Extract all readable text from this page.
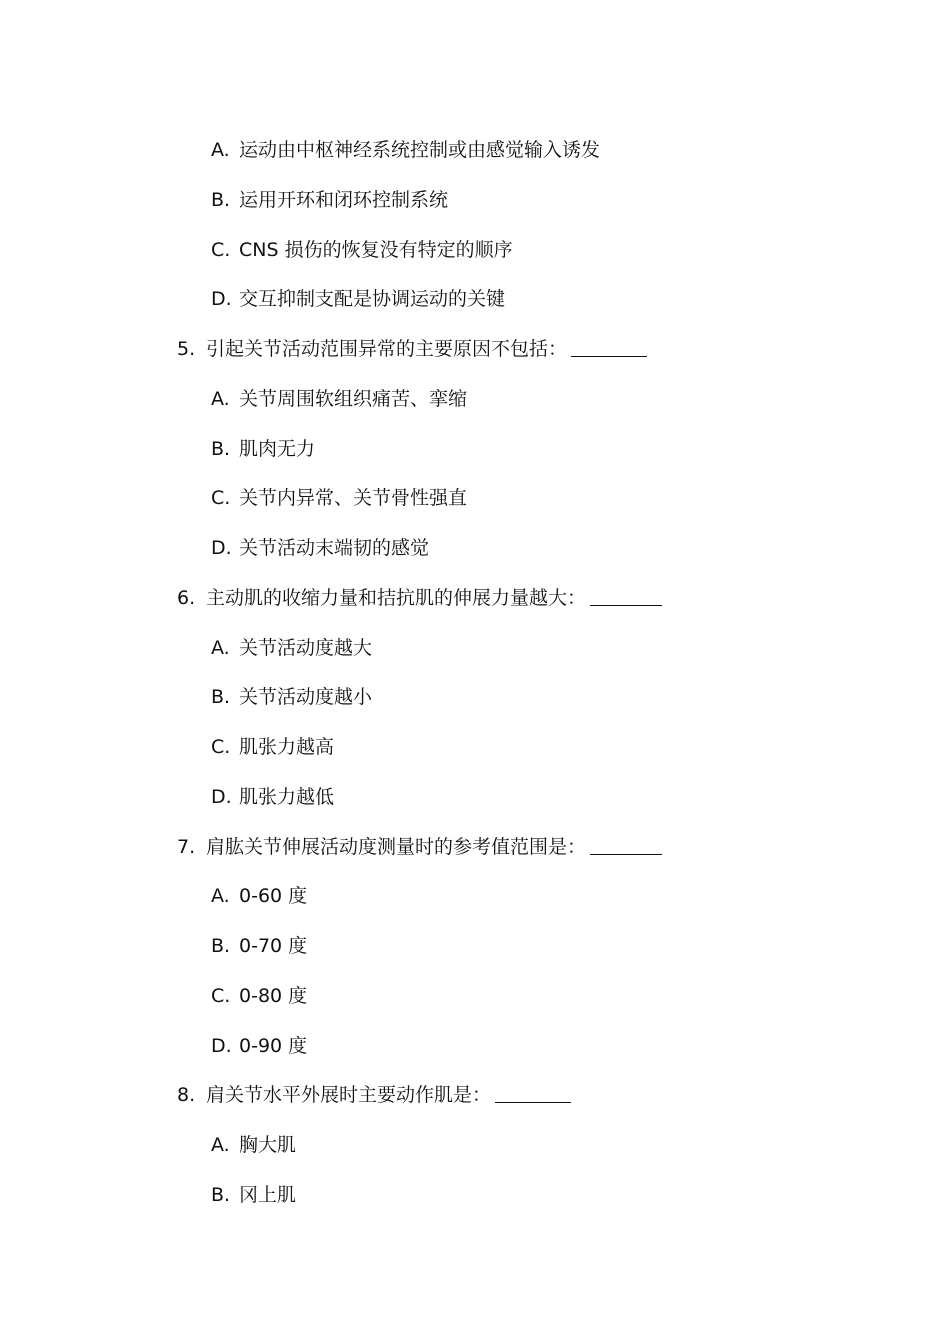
A. 运动由中枢神经系统控制或由感觉输入诱发
B. 运用开环和闭环控制系统
C. CNS 损伤的恢复没有特定的顺序
D. 交互抑制支配是协调运动的关键
5. 引起关节活动范围异常的主要原因不包括：
A. 关节周围软组织痛苦、挛缩
B. 肌肉无力
C. 关节内异常、关节骨性强直
D. 关节活动末端韧的感觉
6. 主动肌的收缩力量和拮抗肌的伸展力量越大：
A. 关节活动度越大
B. 关节活动度越小
C. 肌张力越高
D. 肌张力越低
7. 肩肱关节伸展活动度测量时的参考值范围是：
A. 0-60 度
B. 0-70 度
C. 0-80 度
D. 0-90 度
8. 肩关节水平外展时主要动作肌是：
A. 胸大肌
B. 冈上肌
